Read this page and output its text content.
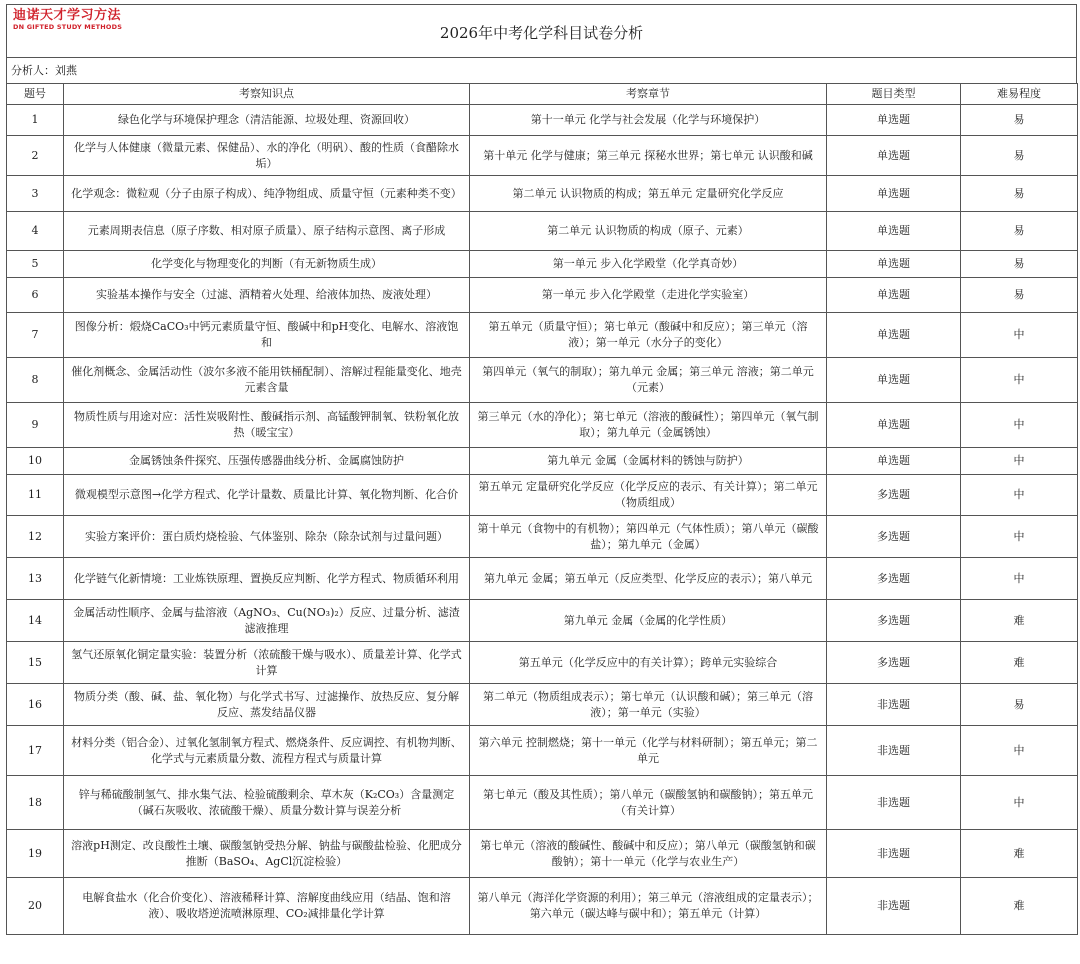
迪诺天才学习方法
DN GIFTED STUDY METHODS	2026年中考化学科目试卷分析
分析人：刘燕
题号	考察知识点	考察章节	题目类型	难易程度
1	绿色化学与环境保护理念（清洁能源、垃圾处理、资源回收）	第十一单元 化学与社会发展（化学与环境保护）	单选题	易
2	化学与人体健康（微量元素、保健品）、水的净化（明矾）、酸的性质（食醋除水垢）	第十单元 化学与健康；第三单元 探秘水世界；第七单元 认识酸和碱	单选题	易
3	化学观念：微粒观（分子由原子构成）、纯净物组成、质量守恒（元素种类不变）	第二单元 认识物质的构成；第五单元 定量研究化学反应	单选题	易
4	元素周期表信息（原子序数、相对原子质量）、原子结构示意图、离子形成	第二单元 认识物质的构成（原子、元素）	单选题	易
5	化学变化与物理变化的判断（有无新物质生成）	第一单元 步入化学殿堂（化学真奇妙）	单选题	易
6	实验基本操作与安全（过滤、酒精着火处理、给液体加热、废液处理）	第一单元 步入化学殿堂（走进化学实验室）	单选题	易
7	图像分析：煅烧CaCO₃中钙元素质量守恒、酸碱中和pH变化、电解水、溶液饱和	第五单元（质量守恒）；第七单元（酸碱中和反应）；第三单元（溶液）；第一单元（水分子的变化）	单选题	中
8	催化剂概念、金属活动性（波尔多液不能用铁桶配制）、溶解过程能量变化、地壳元素含量	第四单元（氧气的制取）；第九单元 金属；第三单元 溶液；第二单元（元素）	单选题	中
9	物质性质与用途对应：活性炭吸附性、酸碱指示剂、高锰酸钾制氧、铁粉氧化放热（暖宝宝）	第三单元（水的净化）；第七单元（溶液的酸碱性）；第四单元（氧气制取）；第九单元（金属锈蚀）	单选题	中
10	金属锈蚀条件探究、压强传感器曲线分析、金属腐蚀防护	第九单元 金属（金属材料的锈蚀与防护）	单选题	中
11	微观模型示意图→化学方程式、化学计量数、质量比计算、氧化物判断、化合价	第五单元 定量研究化学反应（化学反应的表示、有关计算）；第二单元（物质组成）	多选题	中
12	实验方案评价：蛋白质灼烧检验、气体鉴别、除杂（除杂试剂与过量问题）	第十单元（食物中的有机物）；第四单元（气体性质）；第八单元（碳酸盐）；第九单元（金属）	多选题	中
13	化学链气化新情境：工业炼铁原理、置换反应判断、化学方程式、物质循环利用	第九单元 金属；第五单元（反应类型、化学反应的表示）；第八单元	多选题	中
14	金属活动性顺序、金属与盐溶液（AgNO₃、Cu(NO₃)₂）反应、过量分析、滤渣滤液推理	第九单元 金属（金属的化学性质）	多选题	难
15	氢气还原氧化铜定量实验：装置分析（浓硫酸干燥与吸水）、质量差计算、化学式计算	第五单元（化学反应中的有关计算）；跨单元实验综合	多选题	难
16	物质分类（酸、碱、盐、氧化物）与化学式书写、过滤操作、放热反应、复分解反应、蒸发结晶仪器	第二单元（物质组成表示）；第七单元（认识酸和碱）；第三单元（溶液）；第一单元（实验）	非选题	易
17	材料分类（铝合金）、过氧化氢制氧方程式、燃烧条件、反应调控、有机物判断、化学式与元素质量分数、流程方程式与质量计算	第六单元 控制燃烧；第十一单元（化学与材料研制）；第五单元；第二单元	非选题	中
18	锌与稀硫酸制氢气、排水集气法、检验硫酸剩余、草木灰（K₂CO₃）含量测定（碱石灰吸收、浓硫酸干燥）、质量分数计算与误差分析	第七单元（酸及其性质）；第八单元（碳酸氢钠和碳酸钠）；第五单元（有关计算）	非选题	中
19	溶液pH测定、改良酸性土壤、碳酸氢钠受热分解、钠盐与碳酸盐检验、化肥成分推断（BaSO₄、AgCl沉淀检验）	第七单元（溶液的酸碱性、酸碱中和反应）；第八单元（碳酸氢钠和碳酸钠）；第十一单元（化学与农业生产）	非选题	难
20	电解食盐水（化合价变化）、溶液稀释计算、溶解度曲线应用（结晶、饱和溶液）、吸收塔逆流喷淋原理、CO₂减排量化学计算	第八单元（海洋化学资源的利用）；第三单元（溶液组成的定量表示）；第六单元（碳达峰与碳中和）；第五单元（计算）	非选题	难
